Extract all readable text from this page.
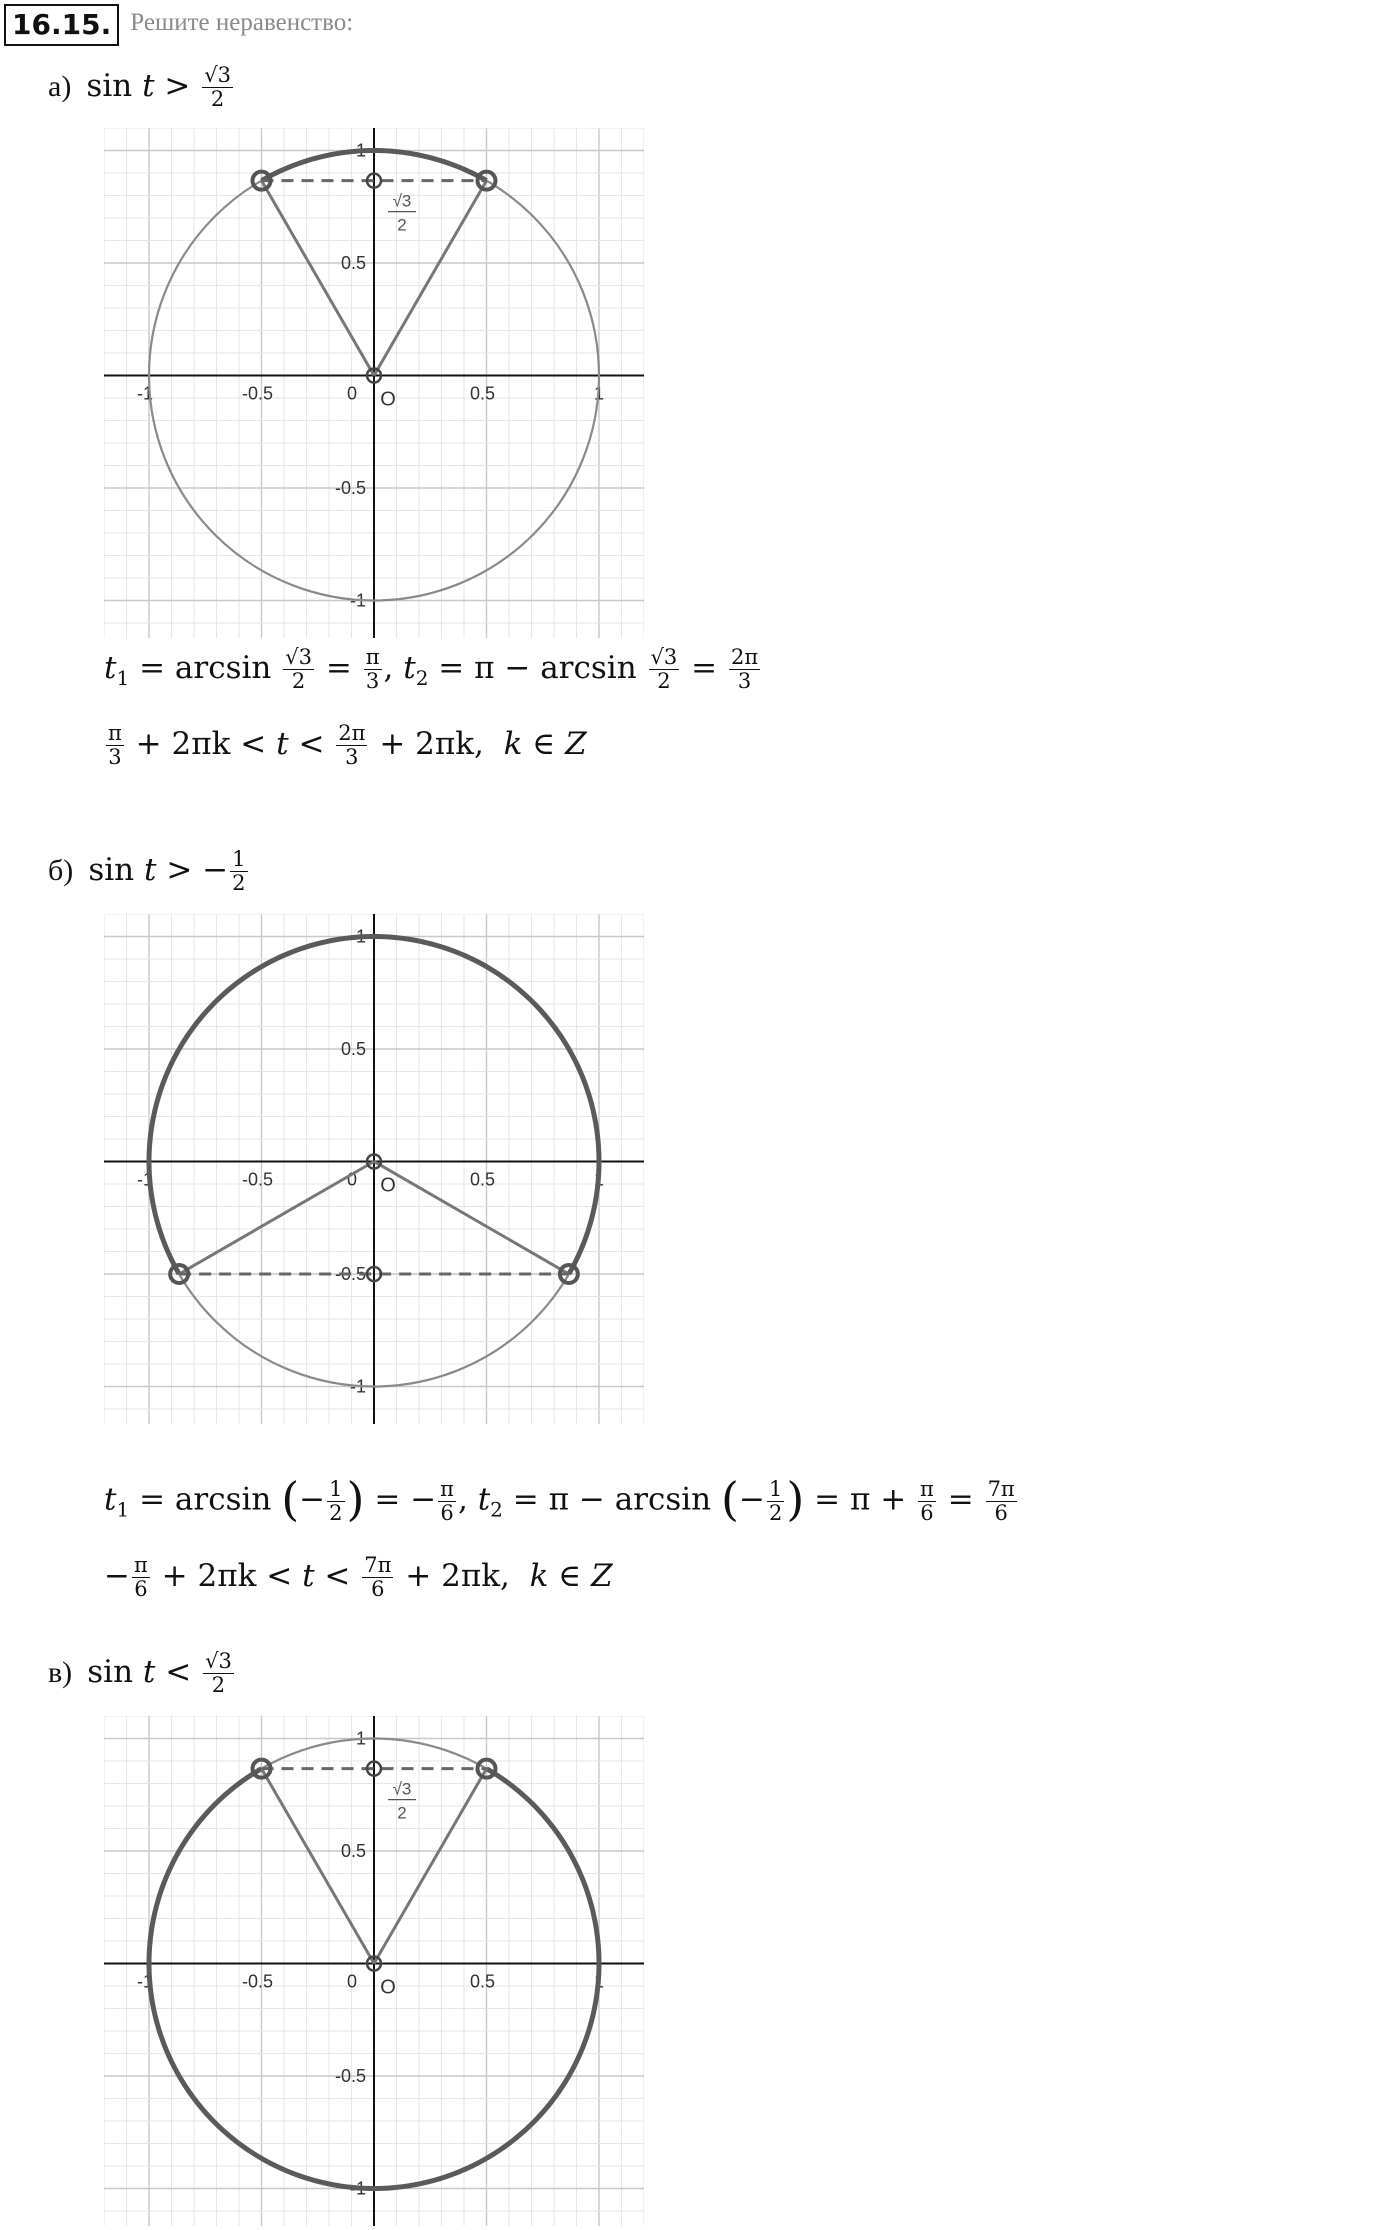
16.15. Решите неравенство:
а) $\sin t > \frac{√3}{2}$
-1	-0.5	0	0.5	1
1
0.5
-0.5
-1
O
√3
2
$t_1 = \arcsin \frac{√3}{2} = \frac{\pi}{3}$ , $t_2 = \pi - \arcsin \frac{√3}{2} = \frac{2\pi}{3}$
$\frac{\pi}{3} + 2\pi k < t < \frac{2\pi}{3} + 2\pi k$, k ∈ Z
б) sin t > − $\frac{1}{2}$
-1	-0.5	0	0.5	1
1
0.5
-0.5
-1
O
$t_1 = \arcsin$ (− $\frac{1}{2}$ ) = − $\frac{\pi}{6}$ , $t_2 = \pi - \arcsin$ (− $\frac{1}{2}$ ) = $\pi + \frac{\pi}{6} = \frac{7\pi}{6}$
− $\frac{\pi}{6} + 2\pi k < t < \frac{7\pi}{6} + 2\pi k$, k ∈ Z
в) $\sin t < \frac{√3}{2}$
-1	-0.5	0	0.5	1
1
0.5
-0.5
-1
O
√3
2
